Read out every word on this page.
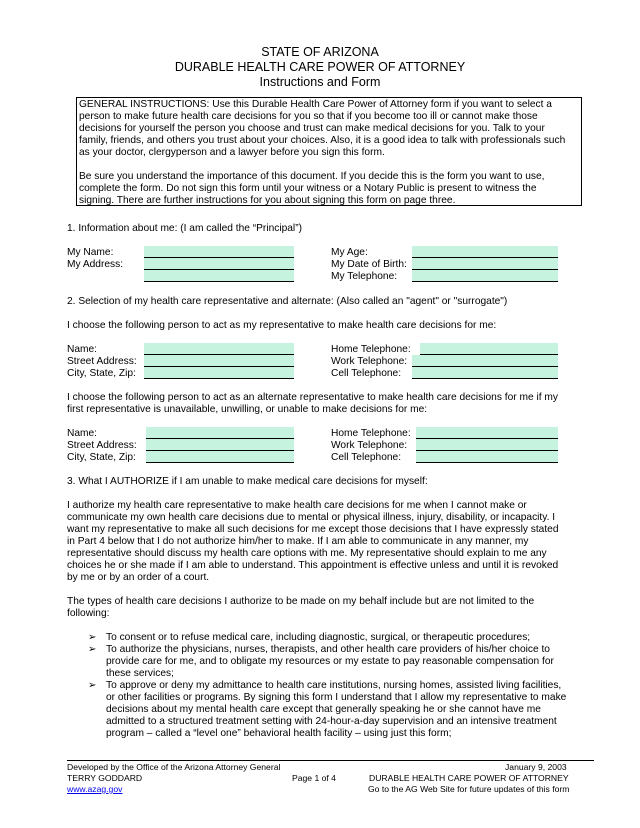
STATE OF ARIZONA
DURABLE HEALTH CARE POWER OF ATTORNEY
Instructions and Form

GENERAL INSTRUCTIONS: Use this Durable Health Care Power of Attorney form if you want to select a

person to make future health care decisions for you so that if you become too ill or cannot make those

decisions for yourself the person you choose and trust can make medical decisions for you. Talk to your

family, friends, and others you trust about your choices. Also, it is a good idea to talk with professionals such

as your doctor, clergyperson and a lawyer before you sign this form.

Be sure you understand the importance of this document. If you decide this is the form you want to use,

complete the form. Do not sign this form until your witness or a Notary Public is present to witness the

signing. There are further instructions for you about signing this form on page three.

1. Information about me: (I am called the “Principal”)
My Name:
My Address:
My Age:
My Date of Birth:
My Telephone:
2. Selection of my health care representative and alternate: (Also called an "agent" or "surrogate")
I choose the following person to act as my representative to make health care decisions for me:
Name:
Street Address:
City, State, Zip:
Home Telephone:
Work Telephone:
Cell Telephone:
I choose the following person to act as an alternate representative to make health care decisions for me if my
first representative is unavailable, unwilling, or unable to make decisions for me:
Name:
Street Address:
City, State, Zip:
Home Telephone:
Work Telephone:
Cell Telephone:
3. What I AUTHORIZE if I am unable to make medical care decisions for myself:
I authorize my health care representative to make health care decisions for me when I cannot make or
communicate my own health care decisions due to mental or physical illness, injury, disability, or incapacity. I
want my representative to make all such decisions for me except those decisions that I have expressly stated
in Part 4 below that I do not authorize him/her to make. If I am able to communicate in any manner, my
representative should discuss my health care options with me. My representative should explain to me any
choices he or she made if I am able to understand. This appointment is effective unless and until it is revoked
by me or by an order of a court.
The types of health care decisions I authorize to be made on my behalf include but are not limited to the
following:
➢ To consent or to refuse medical care, including diagnostic, surgical, or therapeutic procedures;
➢ To authorize the physicians, nurses, therapists, and other health care providers of his/her choice to
provide care for me, and to obligate my resources or my estate to pay reasonable compensation for
these services;
➢ To approve or deny my admittance to health care institutions, nursing homes, assisted living facilities,
or other facilities or programs. By signing this form I understand that I allow my representative to make
decisions about my mental health care except that generally speaking he or she cannot have me
admitted to a structured treatment setting with 24-hour-a-day supervision and an intensive treatment
program – called a “level one” behavioral health facility – using just this form;
Developed by the Office of the Arizona Attorney General	January 9, 2003
TERRY GODDARD	Page 1 of 4	DURABLE HEALTH CARE POWER OF ATTORNEY
www.azag.gov	Go to the AG Web Site for future updates of this form
